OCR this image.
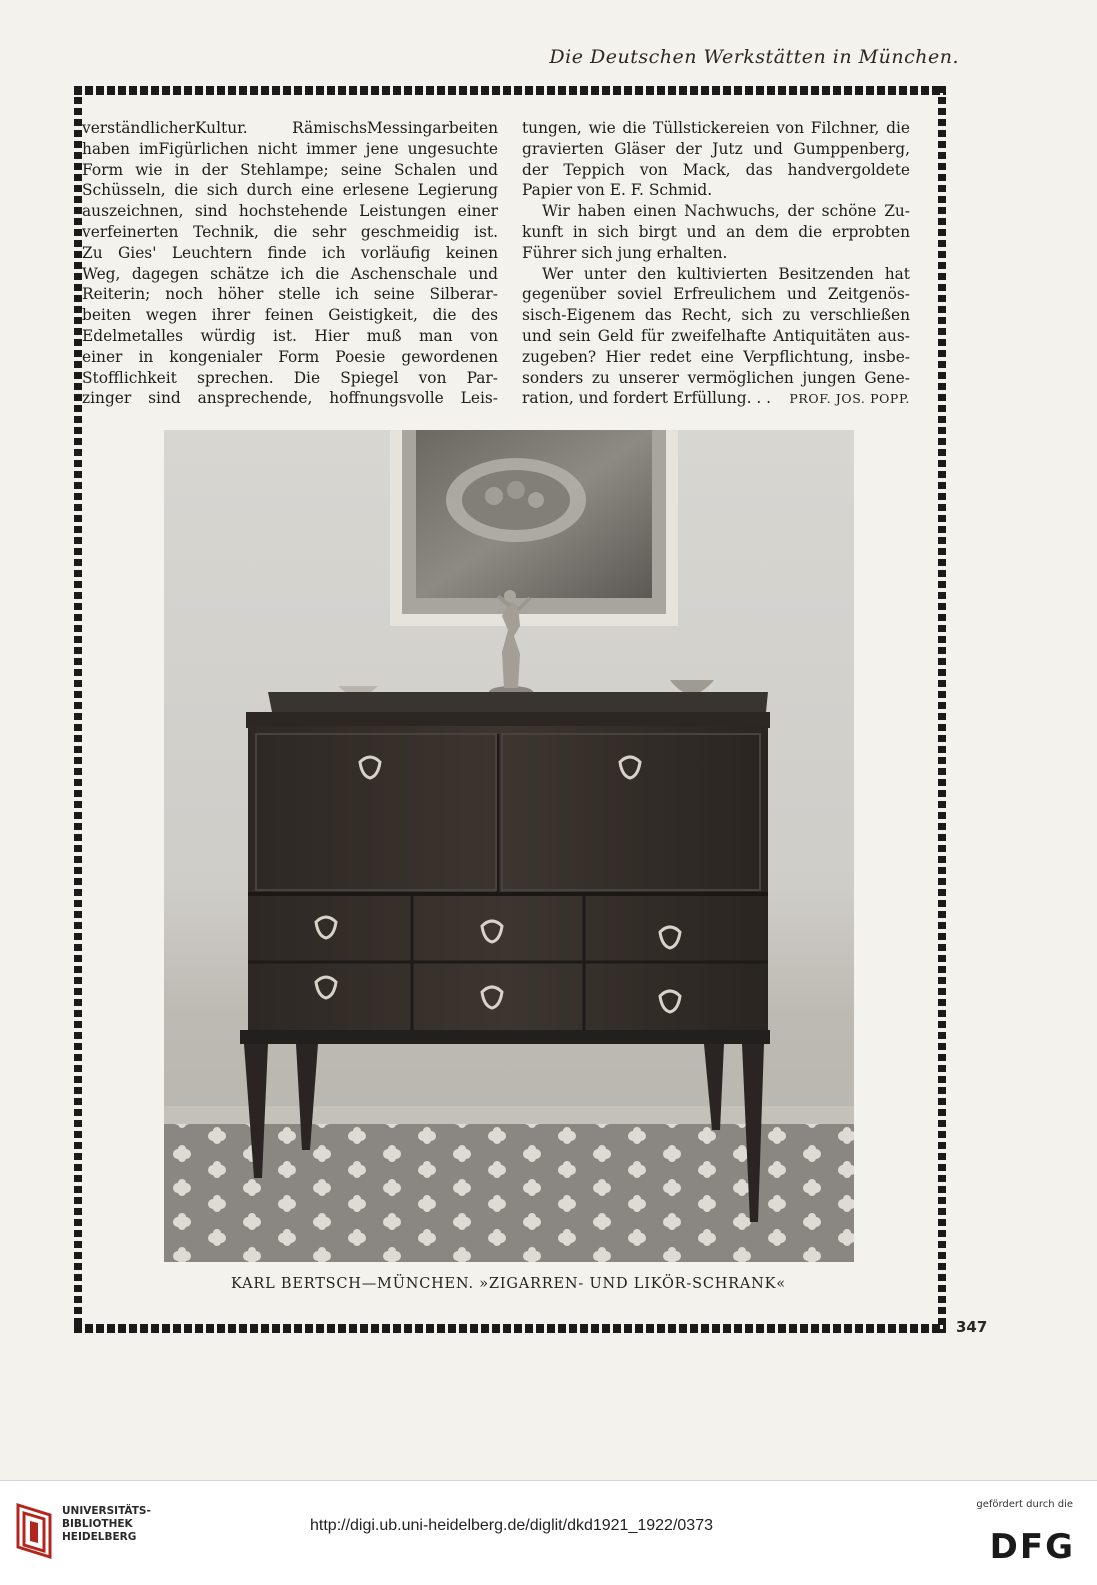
Die Deutschen Werkstätten in München.

verständlicherKultur. RämischsMessingarbeiten
haben imFigürlichen nicht immer jene ungesuchte
Form wie in der Stehlampe; seine Schalen und
Schüsseln, die sich durch eine erlesene Legierung
auszeichnen, sind hochstehende Leistungen einer
verfeinerten Technik, die sehr geschmeidig ist.
Zu Gies' Leuchtern finde ich vorläufig keinen
Weg, dagegen schätze ich die Aschenschale und
Reiterin; noch höher stelle ich seine Silberar-
beiten wegen ihrer feinen Geistigkeit, die des
Edelmetalles würdig ist. Hier muß man von
einer in kongenialer Form Poesie gewordenen
Stofflichkeit sprechen. Die Spiegel von Par-
zinger sind ansprechende, hoffnungsvolle Leis-

tungen, wie die Tüllstickereien von Filchner, die
gravierten Gläser der Jutz und Gumppenberg,
der Teppich von Mack, das handvergoldete
Papier von E. F. Schmid.

Wir haben einen Nachwuchs, der schöne Zu-
kunft in sich birgt und an dem die erprobten
Führer sich jung erhalten.

Wer unter den kultivierten Besitzenden hat
gegenüber soviel Erfreulichem und Zeitgenös-
sisch-Eigenem das Recht, sich zu verschließen
und sein Geld für zweifelhafte Antiquitäten aus-
zugeben? Hier redet eine Verpflichtung, insbe-
sonders zu unserer vermöglichen jungen Gene-
ration, und fordert Erfüllung. . . PROF. JOS. POPP.

KARL BERTSCH—MÜNCHEN. »ZIGARREN- UND LIKÖR-SCHRANK«
347
UNIVERSITÄTS-
BIBLIOTHEK
HEIDELBERG
http://digi.ub.uni-heidelberg.de/diglit/dkd1921_1922/0373
gefördert durch die
DFG
